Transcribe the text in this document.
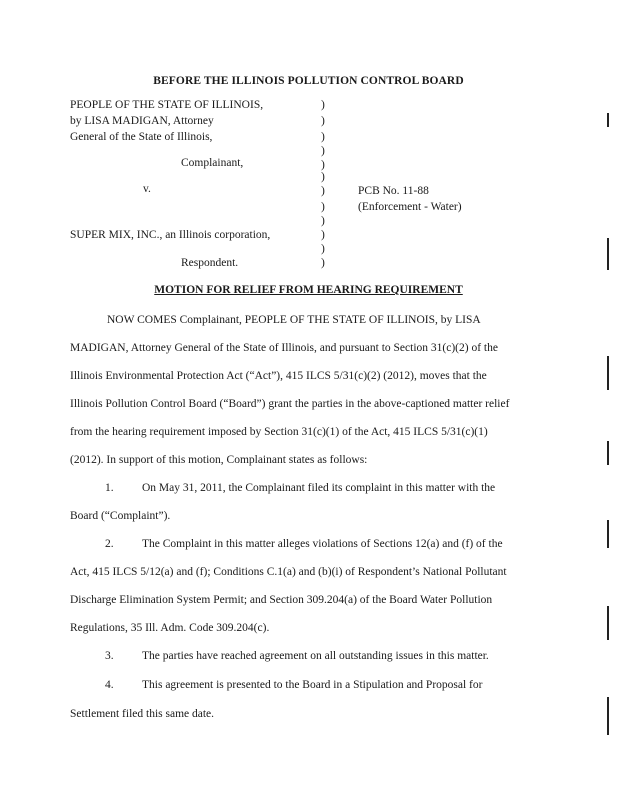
BEFORE THE ILLINOIS POLLUTION CONTROL BOARD
PEOPLE OF THE STATE OF ILLINOIS,
by LISA MADIGAN, Attorney
General of the State of Illinois,
Complainant,
v.
SUPER MIX, INC., an Illinois corporation,
Respondent.
)
)
)
)
)
)
)
)
)
)
)
)
PCB No. 11-88
(Enforcement - Water)
MOTION FOR RELIEF FROM HEARING REQUIREMENT
NOW COMES Complainant, PEOPLE OF THE STATE OF ILLINOIS, by LISA
MADIGAN, Attorney General of the State of Illinois, and pursuant to Section 31(c)(2) of the
Illinois Environmental Protection Act (“Act”), 415 ILCS 5/31(c)(2) (2012), moves that the
Illinois Pollution Control Board (“Board”) grant the parties in the above-captioned matter relief
from the hearing requirement imposed by Section 31(c)(1) of the Act, 415 ILCS 5/31(c)(1)
(2012). In support of this motion, Complainant states as follows:
1. On May 31, 2011, the Complainant filed its complaint in this matter with the
Board (“Complaint”).
2. The Complaint in this matter alleges violations of Sections 12(a) and (f) of the
Act, 415 ILCS 5/12(a) and (f); Conditions C.1(a) and (b)(i) of Respondent’s National Pollutant
Discharge Elimination System Permit; and Section 309.204(a) of the Board Water Pollution
Regulations, 35 Ill. Adm. Code 309.204(c).
3. The parties have reached agreement on all outstanding issues in this matter.
4. This agreement is presented to the Board in a Stipulation and Proposal for
Settlement filed this same date.
